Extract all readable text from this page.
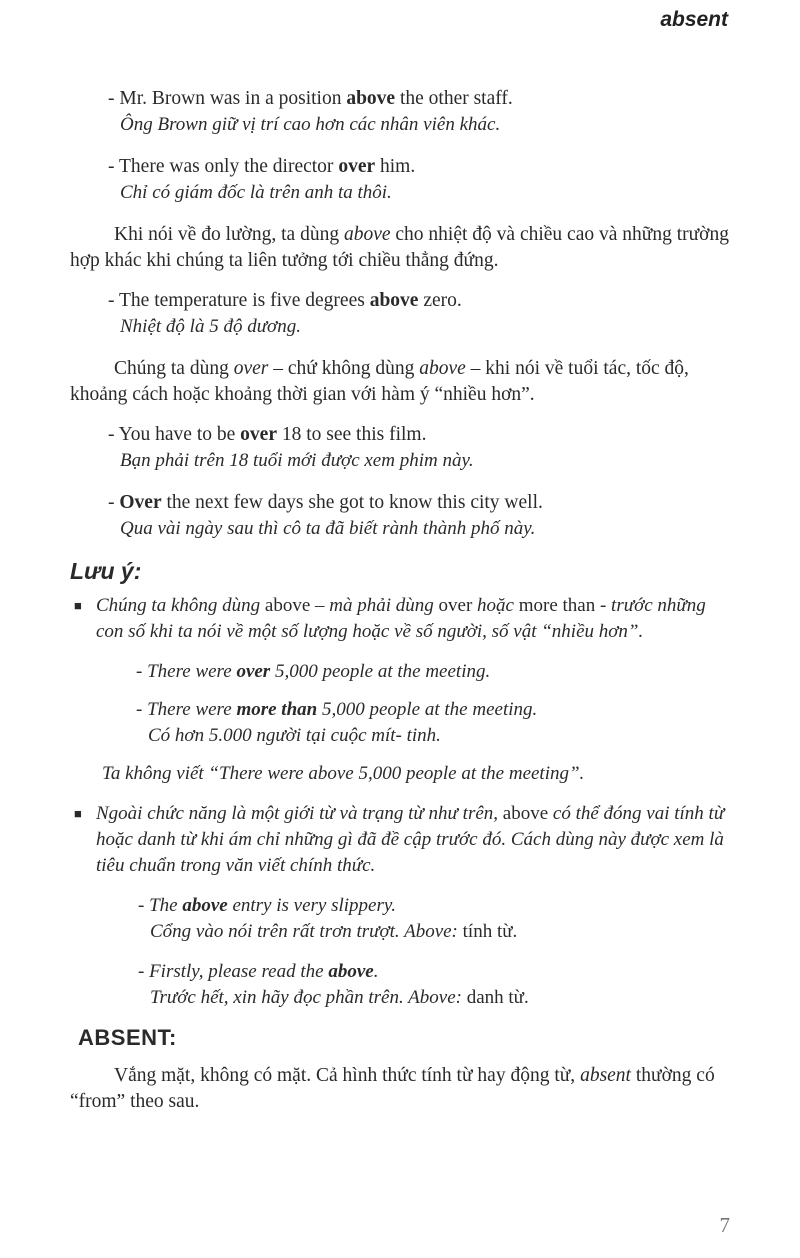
absent
- Mr. Brown was in a position above the other staff.
Ông Brown giữ vị trí cao hơn các nhân viên khác.
- There was only the director over him.
Chỉ có giám đốc là trên anh ta thôi.

Khi nói về đo lường, ta dùng above cho nhiệt độ và chiều cao và những trường hợp khác khi chúng ta liên tưởng tới chiều thẳng đứng.

- The temperature is five degrees above zero.
Nhiệt độ là 5 độ dương.

Chúng ta dùng over – chứ không dùng above – khi nói về tuổi tác, tốc độ, khoảng cách hoặc khoảng thời gian với hàm ý “nhiều hơn”.

- You have to be over 18 to see this film.
Bạn phải trên 18 tuổi mới được xem phim này.
- Over the next few days she got to know this city well.
Qua vài ngày sau thì cô ta đã biết rành thành phố này.
Lưu ý:
■ Chúng ta không dùng above – mà phải dùng over hoặc more than - trước những con số khi ta nói về một số lượng hoặc về số người, số vật “nhiều hơn”.
- There were over 5,000 people at the meeting.
- There were more than 5,000 people at the meeting.
Có hơn 5.000 người tại cuộc mít- tinh.
Ta không viết “There were above 5,000 people at the meeting”.
■ Ngoài chức năng là một giới từ và trạng từ như trên, above có thể đóng vai tính từ hoặc danh từ khi ám chỉ những gì đã đề cập trước đó. Cách dùng này được xem là tiêu chuẩn trong văn viết chính thức.
- The above entry is very slippery.
Cổng vào nói trên rất trơn trượt. Above: tính từ.
- Firstly, please read the above.
Trước hết, xin hãy đọc phần trên. Above: danh từ.
ABSENT:

Vắng mặt, không có mặt. Cả hình thức tính từ hay động từ, absent thường có “from” theo sau.

7
